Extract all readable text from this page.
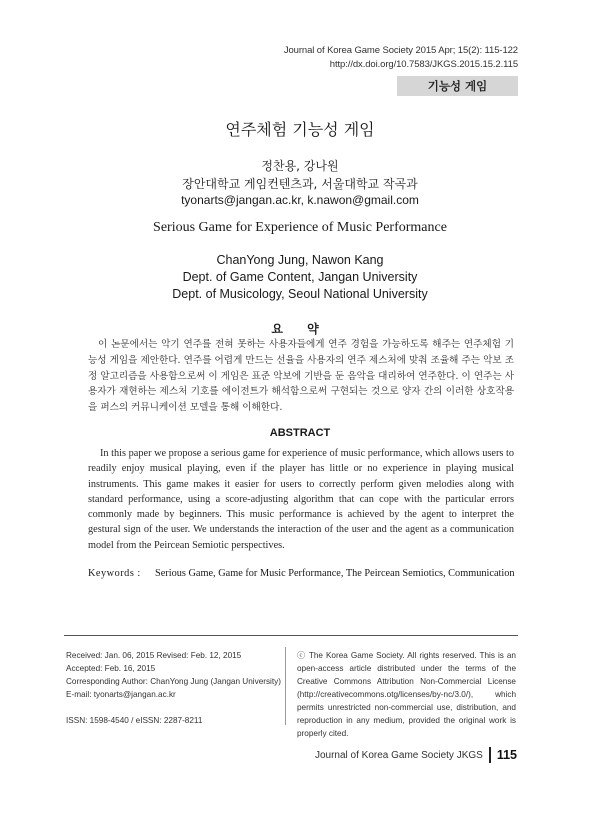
Journal of Korea Game Society 2015 Apr; 15(2): 115-122
http://dx.doi.org/10.7583/JKGS.2015.15.2.115
기능성 게임
연주체험 기능성 게임
정찬용, 강나원
장안대학교 게임컨텐츠과, 서울대학교 작곡과
tyonarts@jangan.ac.kr, k.nawon@gmail.com
Serious Game for Experience of Music Performance
ChanYong Jung, Nawon Kang
Dept. of Game Content, Jangan University
Dept. of Musicology, Seoul National University
요 약
이 논문에서는 악기 연주를 전혀 못하는 사용자들에게 연주 경험을 가능하도록 해주는 연주체험 기능성 게임을 제안한다. 연주를 어렵게 만드는 선율을 사용자의 연주 제스처에 맞춰 조율해 주는 악보 조정 알고리즘을 사용함으로써 이 게임은 표준 악보에 기반을 둔 음악을 대리하여 연주한다. 이 연주는 사용자가 재현하는 제스처 기호를 에이전트가 해석함으로써 구현되는 것으로 양자 간의 이러한 상호작용을 퍼스의 커뮤니케이션 모델을 통해 이해한다.
ABSTRACT
In this paper we propose a serious game for experience of music performance, which allows users to readily enjoy musical playing, even if the player has little or no experience in playing musical instruments. This game makes it easier for users to correctly perform given melodies along with standard performance, using a score-adjusting algorithm that can cope with the particular errors commonly made by beginners. This music performance is achieved by the agent to interpret the gestural sign of the user. We understands the interaction of the user and the agent as a communication model from the Peircean Semiotic perspectives.
Keywords : Serious Game, Game for Music Performance, The Peircean Semiotics, Communication
Received: Jan. 06, 2015 Revised: Feb. 12, 2015
Accepted: Feb. 16, 2015
Corresponding Author: ChanYong Jung (Jangan University)
E-mail: tyonarts@jangan.ac.kr
ISSN: 1598-4540 / eISSN: 2287-8211
ⓒ The Korea Game Society. All rights reserved. This is an open-access article distributed under the terms of the Creative Commons Attribution Non-Commercial License (http://creativecommons.otg/licenses/by-nc/3.0/), which permits unrestricted non-commercial use, distribution, and reproduction in any medium, provided the original work is properly cited.
Journal of Korea Game Society JKGS 115
